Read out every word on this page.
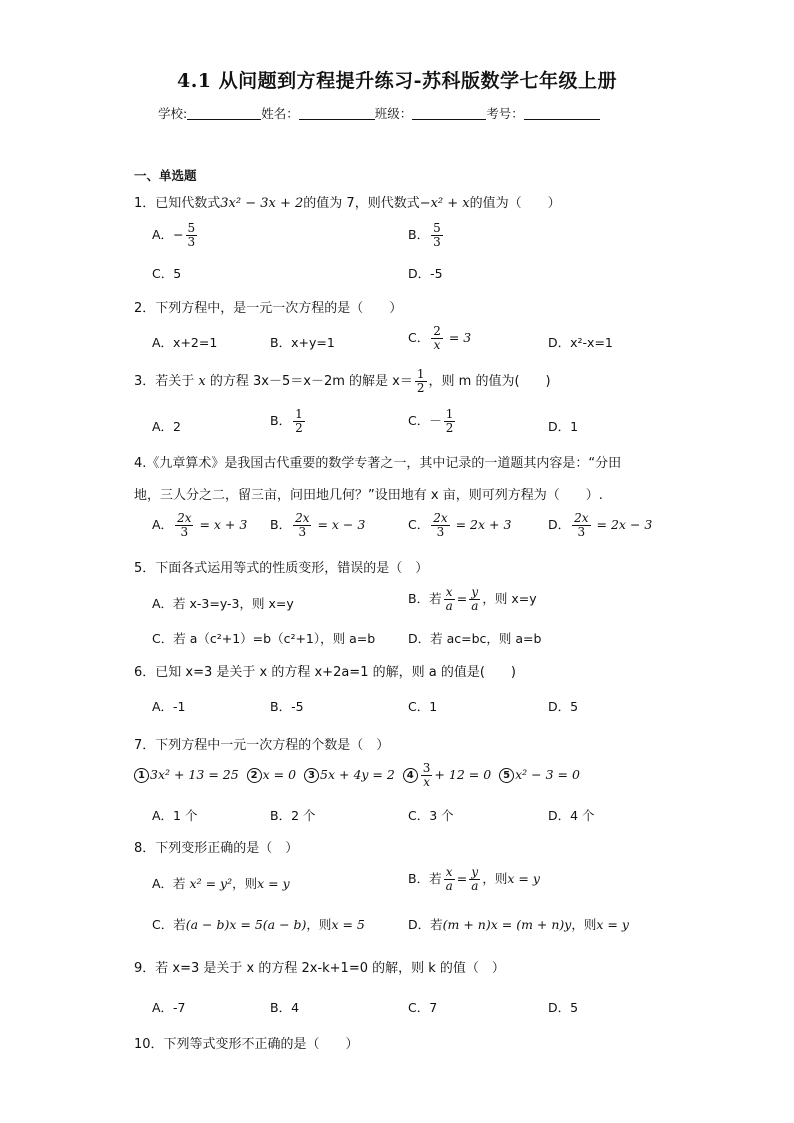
4.1 从问题到方程提升练习-苏科版数学七年级上册
学校:	姓名：	班级：	考号：
一、单选题
1．已知代数式3x² − 3x + 2的值为 7，则代数式−x² + x的值为（　　）
A．− $\frac{5}{3}$	B． $\frac{5}{3}$
C．5	D．-5
2．下列方程中，是一元一次方程的是（　　）
A．x+2=1	B．x+y=1	C． $\frac{2}{x} = 3$	D．x²-x=1
3．若关于 x 的方程 3x－5＝x－2m 的解是 $x= \frac{1}{2}$ ，则 m 的值为(　　)
A．2	B． $\frac{1}{2}$	C．－ $\frac{1}{2}$	D．1
4.《九章算术》是我国古代重要的数学专著之一，其中记录的一道题其内容是：“分田
地，三人分之二，留三亩，问田地几何？”设田地有 x 亩，则可列方程为（　　）.
A． $\frac{2x}{3} = x + 3$ B． $\frac{2x}{3} = x - 3$	C． $\frac{2x}{3} = 2x + 3$	D． $\frac{2x}{3} = 2x - 3$
5．下面各式运用等式的性质变形，错误的是（　）
A．若 x-3=y-3，则 x=y	B．若 $\frac{x}{a} = \frac{y}{a}$ ，则 x=y
C．若 a（c²+1）=b（c²+1），则 a=b	D．若 ac=bc，则 a=b
6．已知 x=3 是关于 x 的方程 x+2a=1 的解，则 a 的值是(　　)
A．-1	B．-5	C．1	D．5
7．下列方程中一元一次方程的个数是（　）
1 3x² + 13 = 25 2 x = 0 3 5x + 4y = 2 $4 \frac{3}{x} + 12 = 0$ 5 x² − 3 = 0
A．1 个	B．2 个	C．3 个	D．4 个
8．下列变形正确的是（　）
A．若 x² = y²，则x = y	B．若 $\frac{x}{a} = \frac{y}{a}$ ，则x = y
C．若(a − b)x = 5(a − b)，则x = 5	D．若(m + n)x = (m + n)y，则x = y
9．若 x=3 是关于 x 的方程 2x-k+1=0 的解，则 k 的值（　）
A．-7	B．4	C．7	D．5
10．下列等式变形不正确的是（　　）
